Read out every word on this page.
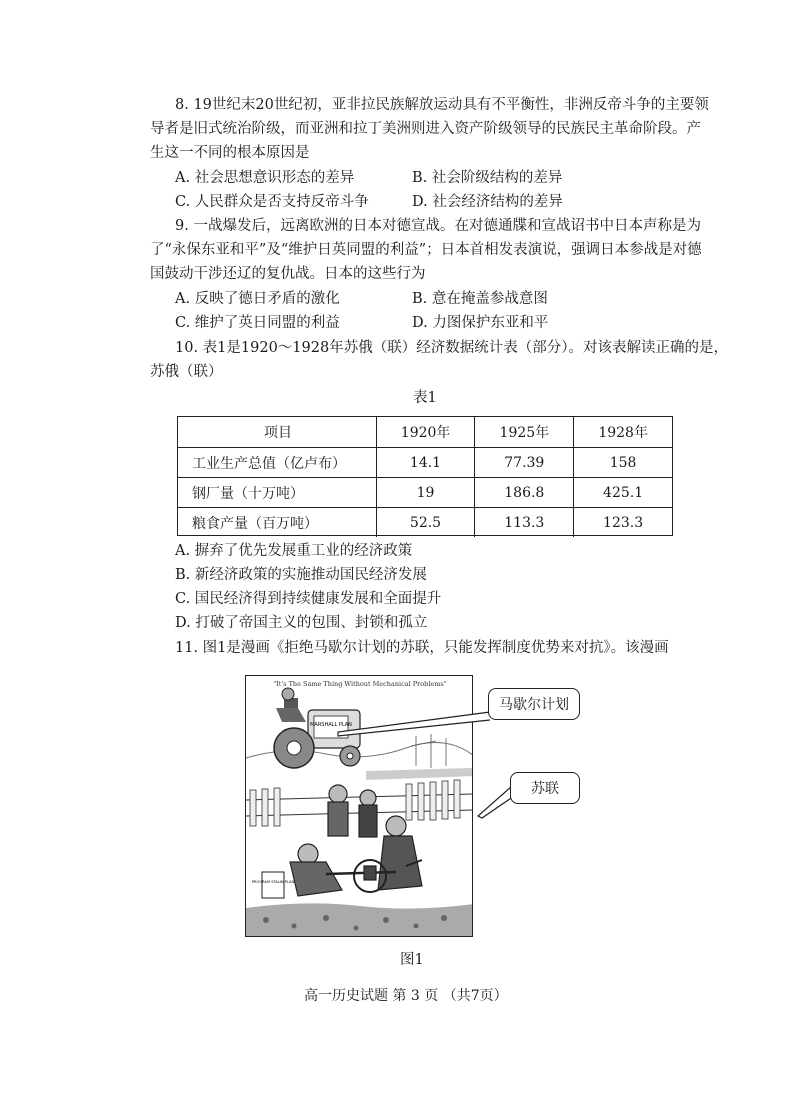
8. 19世纪末20世纪初，亚非拉民族解放运动具有不平衡性，非洲反帝斗争的主要领
导者是旧式统治阶级，而亚洲和拉丁美洲则进入资产阶级领导的民族民主革命阶段。产
生这一不同的根本原因是
A. 社会思想意识形态的差异	B. 社会阶级结构的差异
C. 人民群众是否支持反帝斗争	D. 社会经济结构的差异
9. 一战爆发后，远离欧洲的日本对德宣战。在对德通牒和宣战诏书中日本声称是为
了“永保东亚和平”及“维护日英同盟的利益”；日本首相发表演说，强调日本参战是对德
国鼓动干涉还辽的复仇战。日本的这些行为
A. 反映了德日矛盾的激化	B. 意在掩盖参战意图
C. 维护了英日同盟的利益	D. 力图保护东亚和平
10. 表1是1920～1928年苏俄（联）经济数据统计表（部分）。对该表解读正确的是，
苏俄（联）
表1
项目	1920年	1925年	1928年
工业生产总值（亿卢布）	14.1	77.39	158
钢厂量（十万吨）	19	186.8	425.1
粮食产量（百万吨）	52.5	113.3	123.3
A. 摒弃了优先发展重工业的经济政策
B. 新经济政策的实施推动国民经济发展
C. 国民经济得到持续健康发展和全面提升
D. 打破了帝国主义的包围、封锁和孤立
11. 图1是漫画《拒绝马歇尔计划的苏联，只能发挥制度优势来对抗》。该漫画
"It's The Same Thing Without Mechanical Problems"
MARSHALL PLAN
PROGRAM STALIN PLAN
马歇尔计划
苏联
图1
高一历史试题 第 3 页 （共7页）
